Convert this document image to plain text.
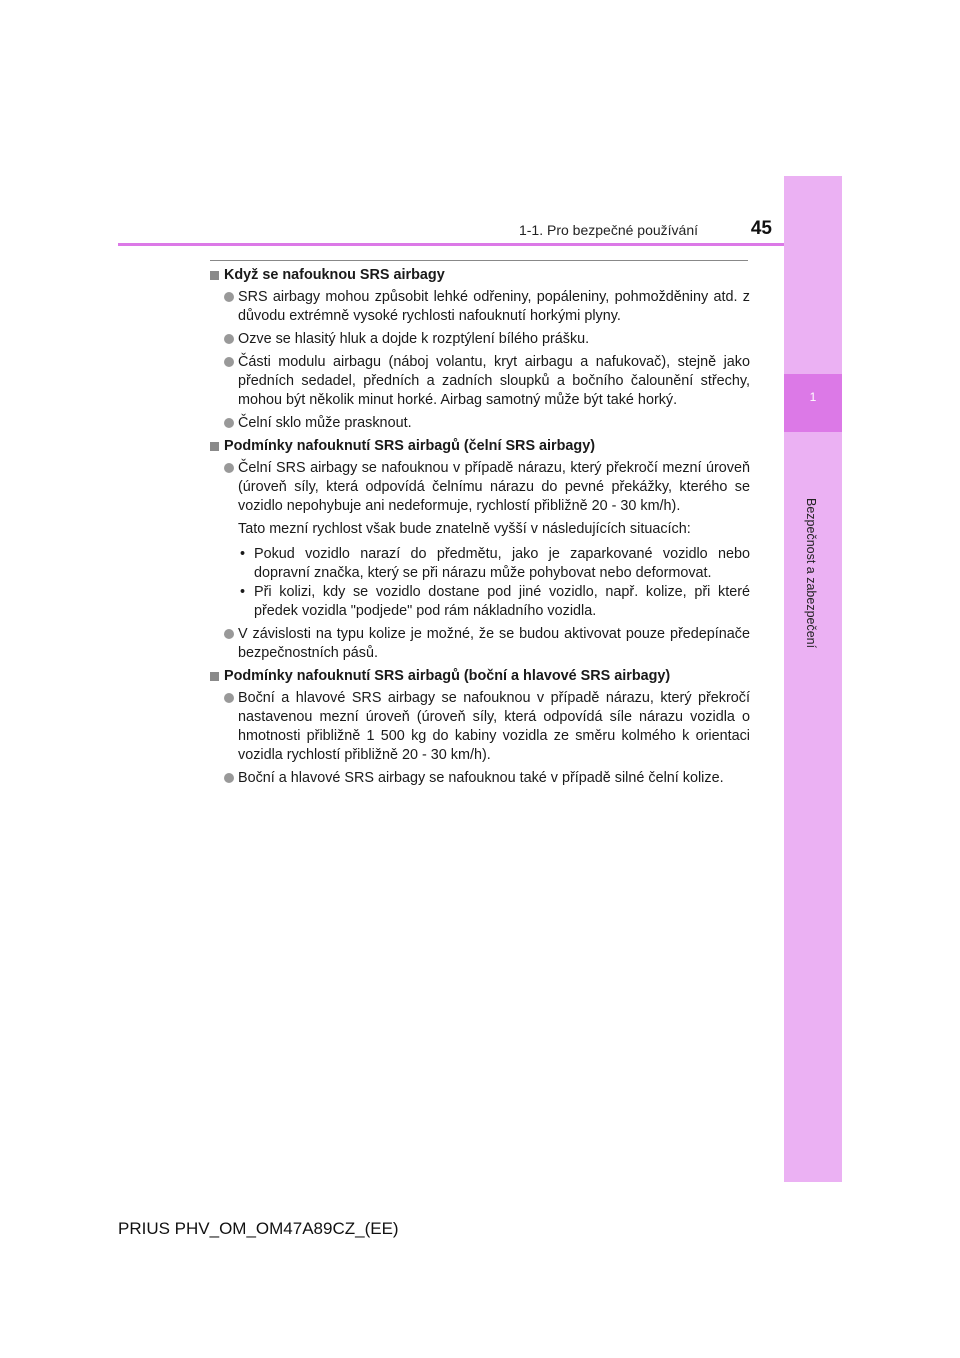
1
Bezpečnost a zabezpečení
1-1. Pro bezpečné používání	45
Když se nafouknou SRS airbagy
SRS airbagy mohou způsobit lehké odřeniny, popáleniny, pohmožděniny atd. z důvodu extrémně vysoké rychlosti nafouknutí horkými plyny.
Ozve se hlasitý hluk a dojde k rozptýlení bílého prášku.
Části modulu airbagu (náboj volantu, kryt airbagu a nafukovač), stejně jako předních sedadel, předních a zadních sloupků a bočního čalounění střechy, mohou být několik minut horké. Airbag samotný může být také horký.
Čelní sklo může prasknout.
Podmínky nafouknutí SRS airbagů (čelní SRS airbagy)
Čelní SRS airbagy se nafouknou v případě nárazu, který překročí mezní úroveň (úroveň síly, která odpovídá čelnímu nárazu do pevné překážky, kterého se vozidlo nepohybuje ani nedeformuje, rychlostí přibližně 20 - 30 km/h).
Tato mezní rychlost však bude znatelně vyšší v následujících situacích:
• Pokud vozidlo narazí do předmětu, jako je zaparkované vozidlo nebo dopravní značka, který se při nárazu může pohybovat nebo deformovat.
• Při kolizi, kdy se vozidlo dostane pod jiné vozidlo, např. kolize, při které předek vozidla "podjede" pod rám nákladního vozidla.
V závislosti na typu kolize je možné, že se budou aktivovat pouze předepínače bezpečnostních pásů.
Podmínky nafouknutí SRS airbagů (boční a hlavové SRS airbagy)
Boční a hlavové SRS airbagy se nafouknou v případě nárazu, který překročí nastavenou mezní úroveň (úroveň síly, která odpovídá síle nárazu vozidla o hmotnosti přibližně 1 500 kg do kabiny vozidla ze směru kolmého k orientaci vozidla rychlostí přibližně 20 - 30 km/h).
Boční a hlavové SRS airbagy se nafouknou také v případě silné čelní kolize.
PRIUS PHV_OM_OM47A89CZ_(EE)
